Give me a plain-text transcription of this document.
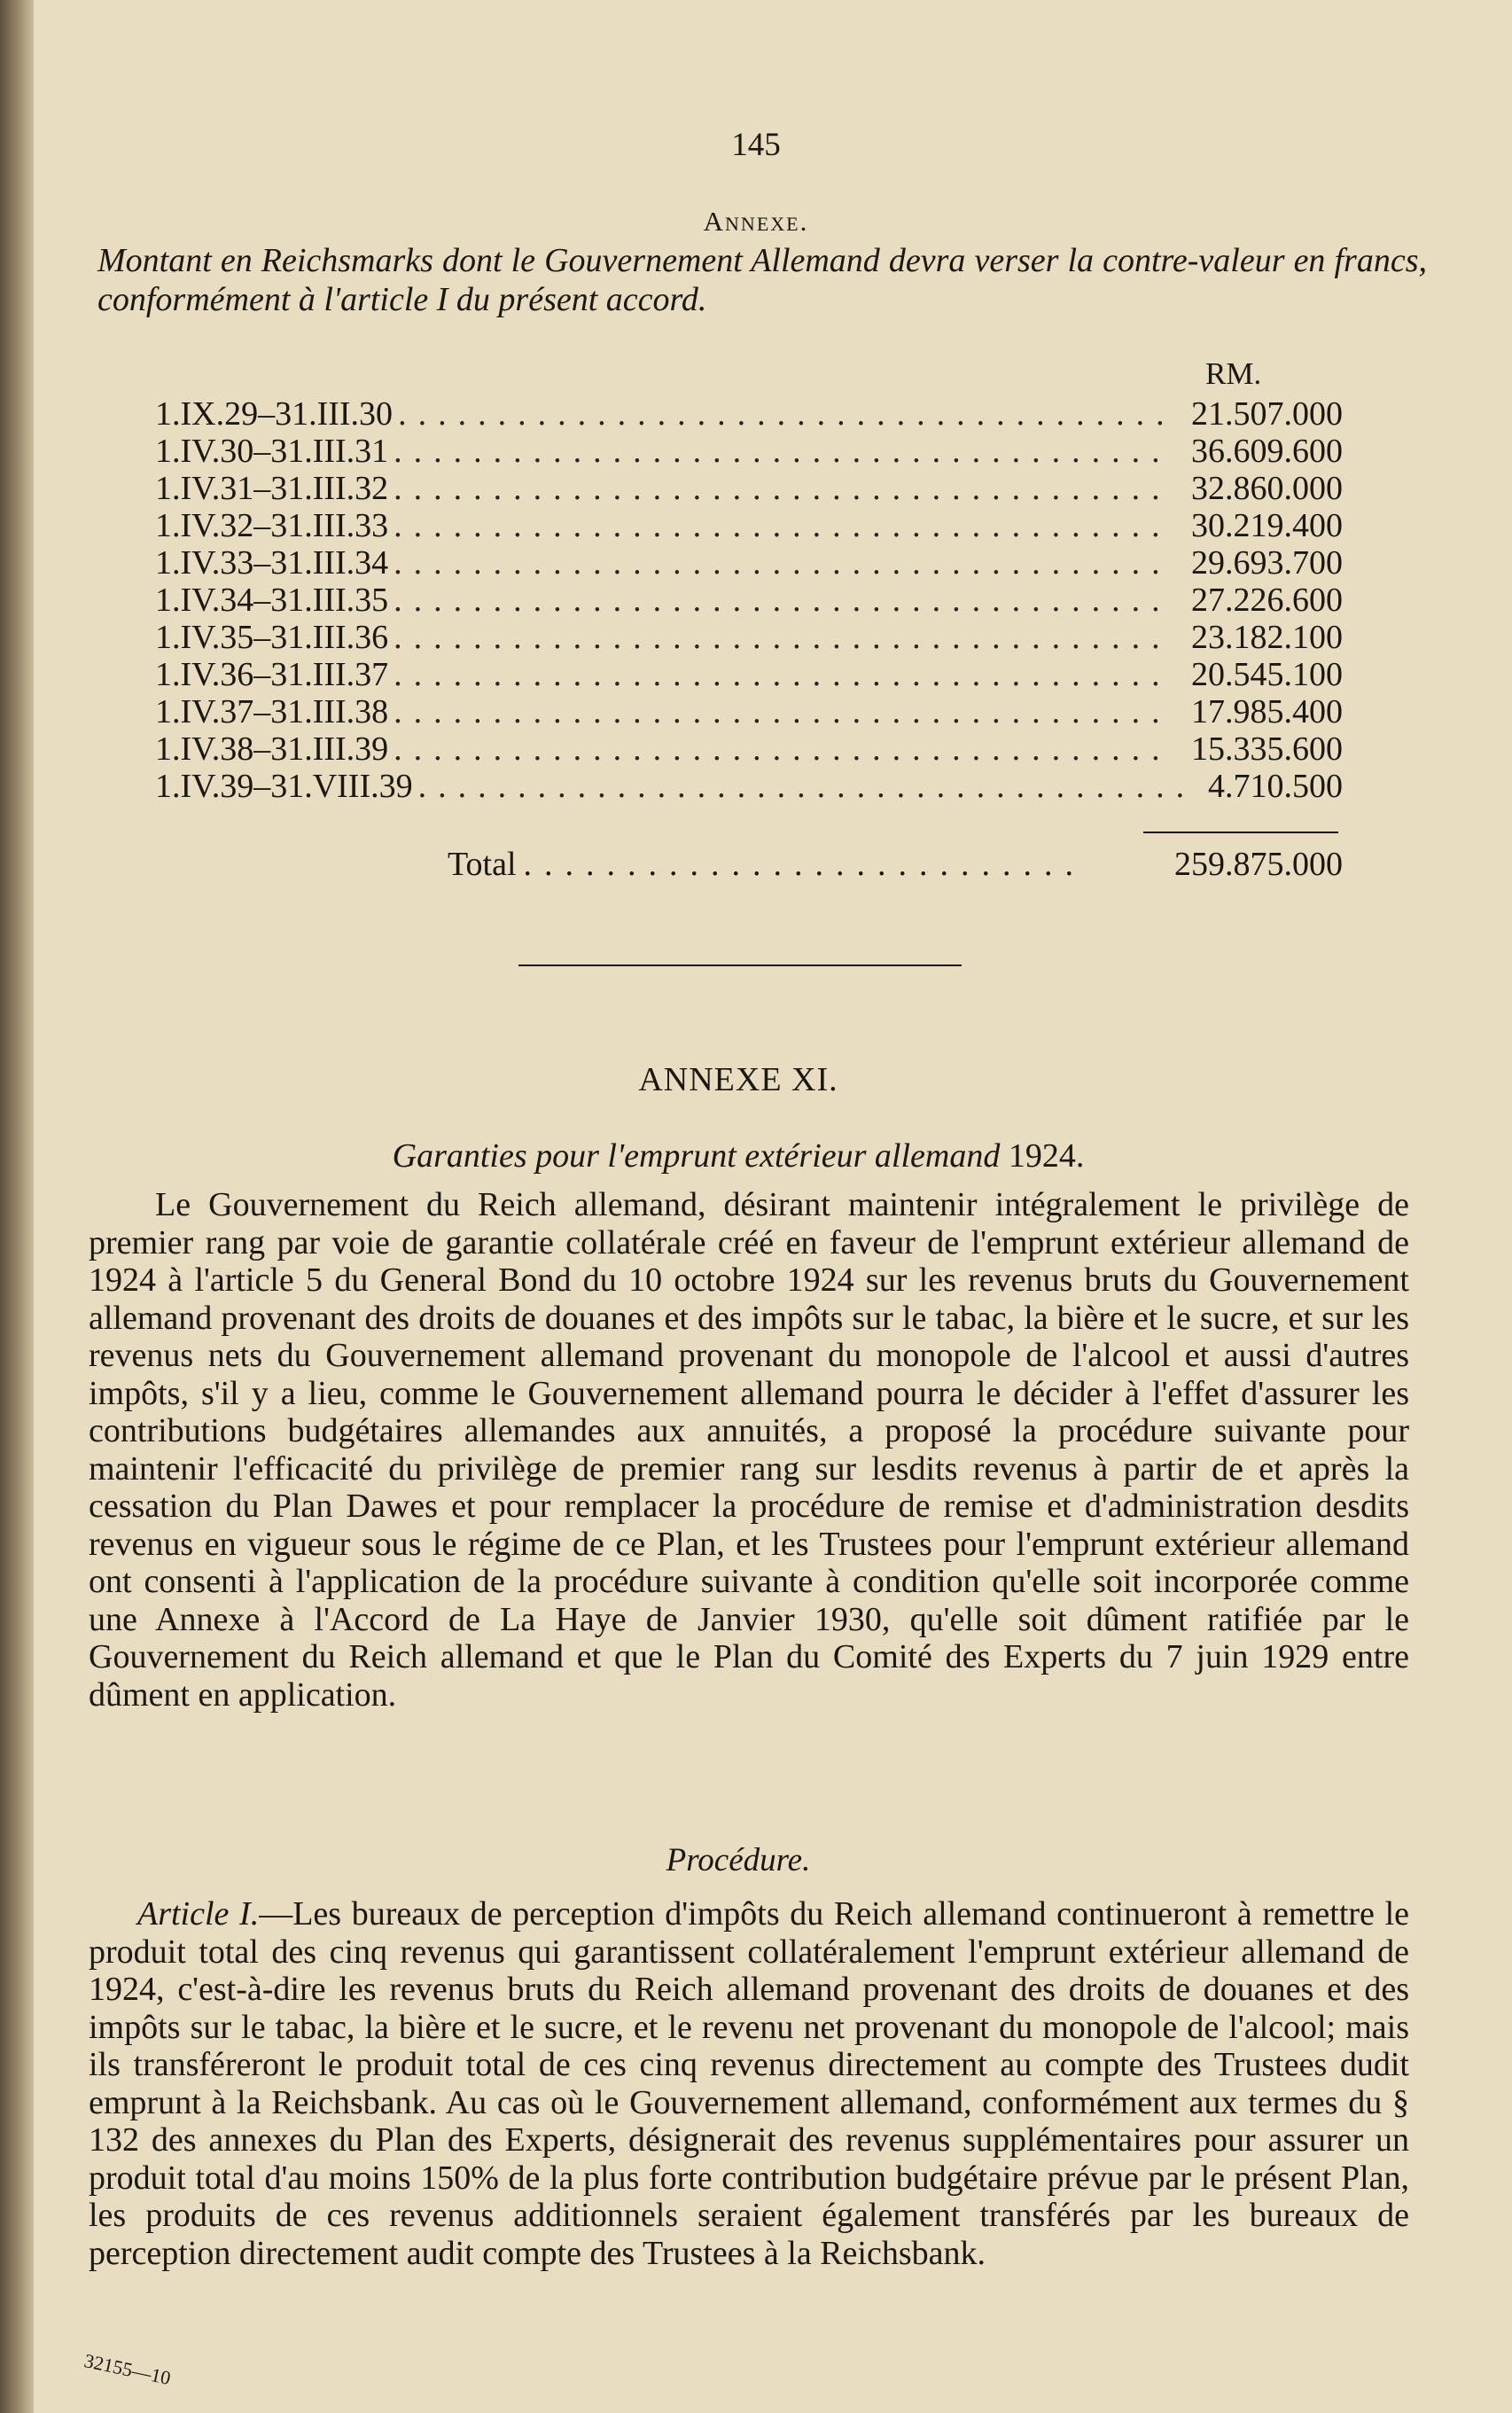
145
Annexe.

Montant en Reichsmarks dont le Gouvernement Allemand devra verser la contre-valeur en francs, conformément à l'article I du présent accord.

RM.
1.IX.29–31.III.30 ....................................... 21.507.000
1.IV.30–31.III.31 ....................................... 36.609.600
1.IV.31–31.III.32 ....................................... 32.860.000
1.IV.32–31.III.33 ....................................... 30.219.400
1.IV.33–31.III.34 ....................................... 29.693.700
1.IV.34–31.III.35 ....................................... 27.226.600
1.IV.35–31.III.36 ....................................... 23.182.100
1.IV.36–31.III.37 ....................................... 20.545.100
1.IV.37–31.III.38 ....................................... 17.985.400
1.IV.38–31.III.39 ....................................... 15.335.600
1.IV.39–31.VIII.39 ....................................... 4.710.500
Total ...........................	259.875.000
ANNEXE XI.
Garanties pour l'emprunt extérieur allemand 1924.

Le Gouvernement du Reich allemand, désirant maintenir intégralement le privilège de premier rang par voie de garantie collatérale créé en faveur de l'emprunt extérieur allemand de 1924 à l'article 5 du General Bond du 10 octobre 1924 sur les revenus bruts du Gouvernement allemand provenant des droits de douanes et des impôts sur le tabac, la bière et le sucre, et sur les revenus nets du Gouvernement allemand provenant du monopole de l'alcool et aussi d'autres impôts, s'il y a lieu, comme le Gouvernement allemand pourra le décider à l'effet d'assurer les contributions budgétaires allemandes aux annuités, a proposé la procédure suivante pour maintenir l'efficacité du privilège de premier rang sur lesdits revenus à partir de et après la cessation du Plan Dawes et pour remplacer la procédure de remise et d'administration desdits revenus en vigueur sous le régime de ce Plan, et les Trustees pour l'emprunt extérieur allemand ont consenti à l'application de la procédure suivante à condition qu'elle soit incorporée comme une Annexe à l'Accord de La Haye de Janvier 1930, qu'elle soit dûment ratifiée par le Gouvernement du Reich allemand et que le Plan du Comité des Experts du 7 juin 1929 entre dûment en application.

Procédure.

Article I.—Les bureaux de perception d'impôts du Reich allemand continueront à remettre le produit total des cinq revenus qui garantissent collatéralement l'emprunt extérieur allemand de 1924, c'est-à-dire les revenus bruts du Reich allemand provenant des droits de douanes et des impôts sur le tabac, la bière et le sucre, et le revenu net provenant du monopole de l'alcool; mais ils transféreront le produit total de ces cinq revenus directement au compte des Trustees dudit emprunt à la Reichsbank. Au cas où le Gouvernement allemand, conformément aux termes du § 132 des annexes du Plan des Experts, désignerait des revenus supplémentaires pour assurer un produit total d'au moins 150% de la plus forte contribution budgétaire prévue par le présent Plan, les produits de ces revenus additionnels seraient également transférés par les bureaux de perception directement audit compte des Trustees à la Reichsbank.

32155—10
